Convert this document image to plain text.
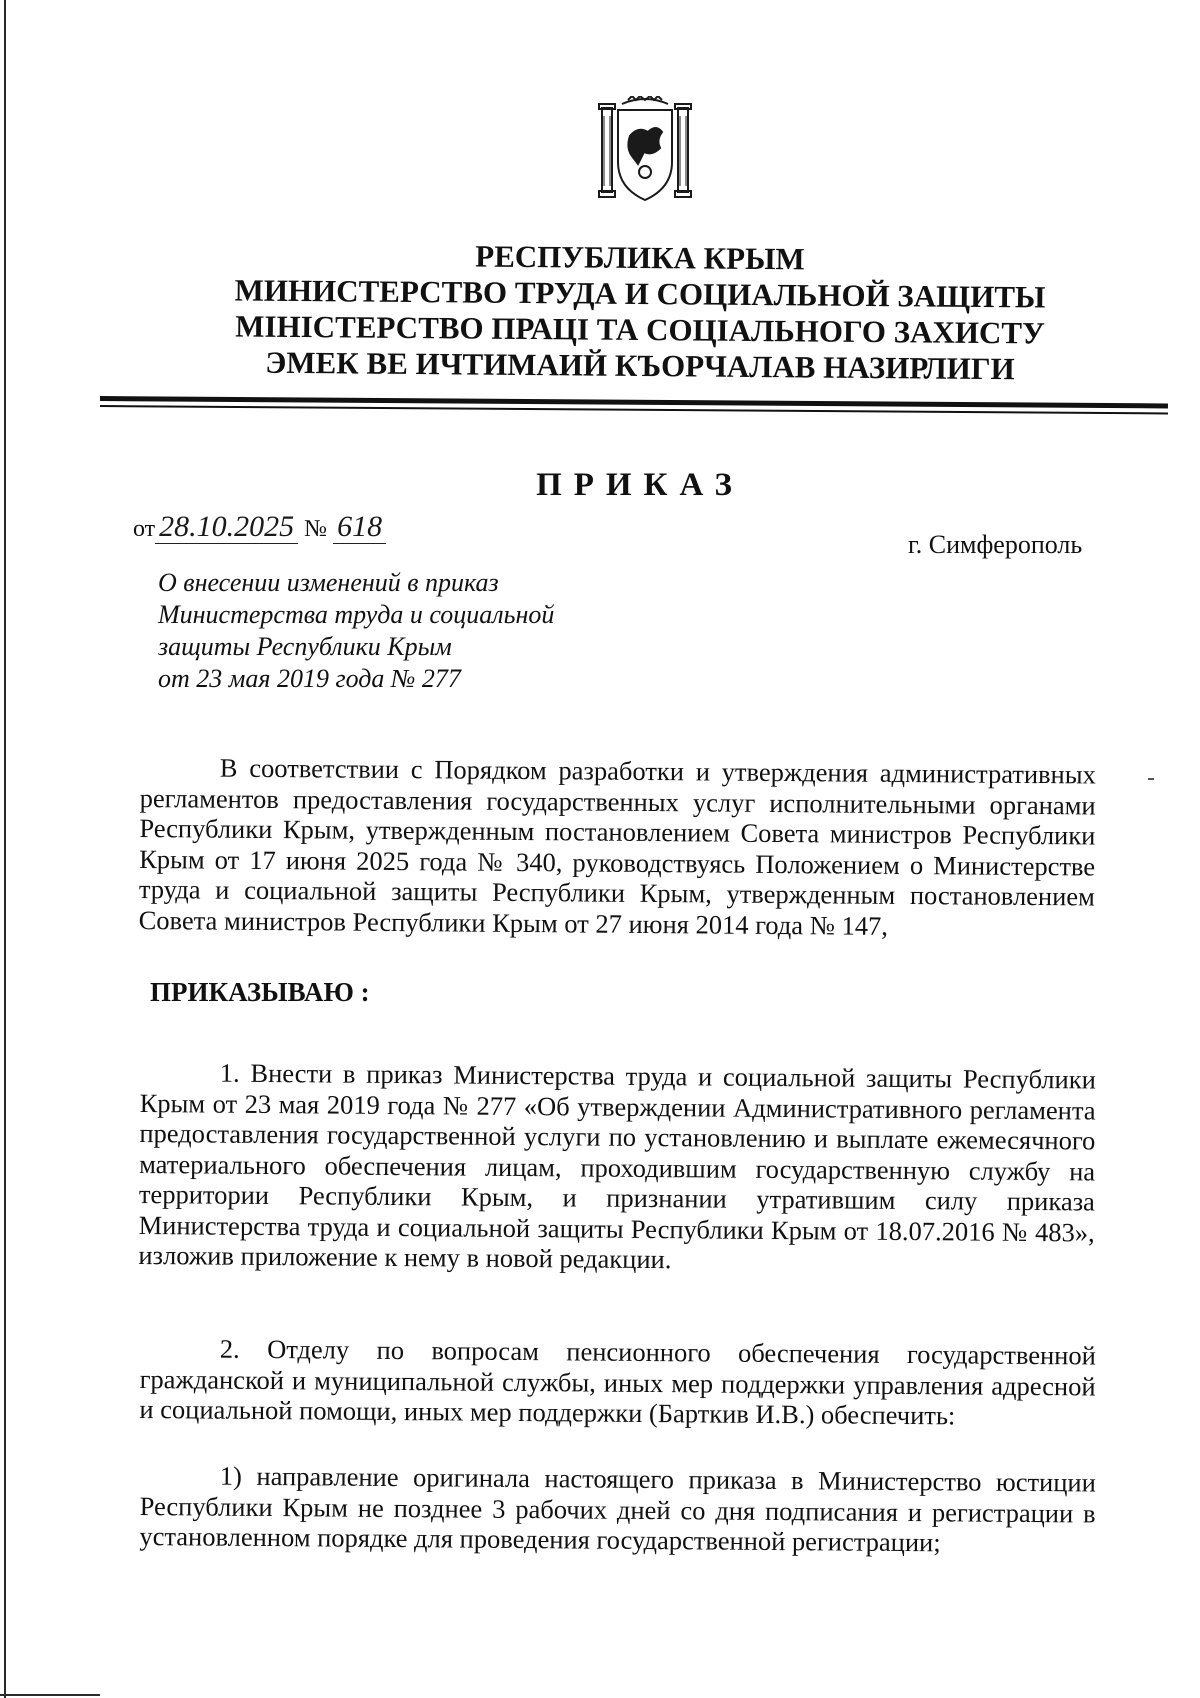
РЕСПУБЛИКА КРЫМ
МИНИСТЕРСТВО ТРУДА И СОЦИАЛЬНОЙ ЗАЩИТЫ
МІНІСТЕРСТВО ПРАЦІ ТА СОЦІАЛЬНОГО ЗАХИСТУ
ЭМЕК ВЕ ИЧТИМАИЙ КЪОРЧАЛАВ НАЗИРЛИГИ
ПРИКАЗ
от 28.10.2025 № 618
г. Симферополь
О внесении изменений в приказ
Министерства труда и социальной
защиты Республики Крым
от 23 мая 2019 года № 277

В соответствии с Порядком разработки и утверждения административных регламентов предоставления государственных услуг исполнительными органами Республики Крым, утвержденным постановлением Совета министров Республики Крым от 17 июня 2025 года № 340, руководствуясь Положением о Министерстве труда и социальной защиты Республики Крым, утвержденным постановлением Совета министров Республики Крым от 27 июня 2014 года № 147,

ПРИКАЗЫВАЮ :

1. Внести в приказ Министерства труда и социальной защиты Республики Крым от 23 мая 2019 года № 277 «Об утверждении Административного регламента предоставления государственной услуги по установлению и выплате ежемесячного материального обеспечения лицам, проходившим государственную службу на территории Республики Крым, и признании утратившим силу приказа Министерства труда и социальной защиты Республики Крым от 18.07.2016 № 483», изложив приложение к нему в новой редакции.

2. Отделу по вопросам пенсионного обеспечения государственной гражданской и муниципальной службы, иных мер поддержки управления адресной и социальной помощи, иных мер поддержки (Барткив И.В.) обеспечить:

1) направление оригинала настоящего приказа в Министерство юстиции Республики Крым не позднее 3 рабочих дней со дня подписания и регистрации в установленном порядке для проведения государственной регистрации;
